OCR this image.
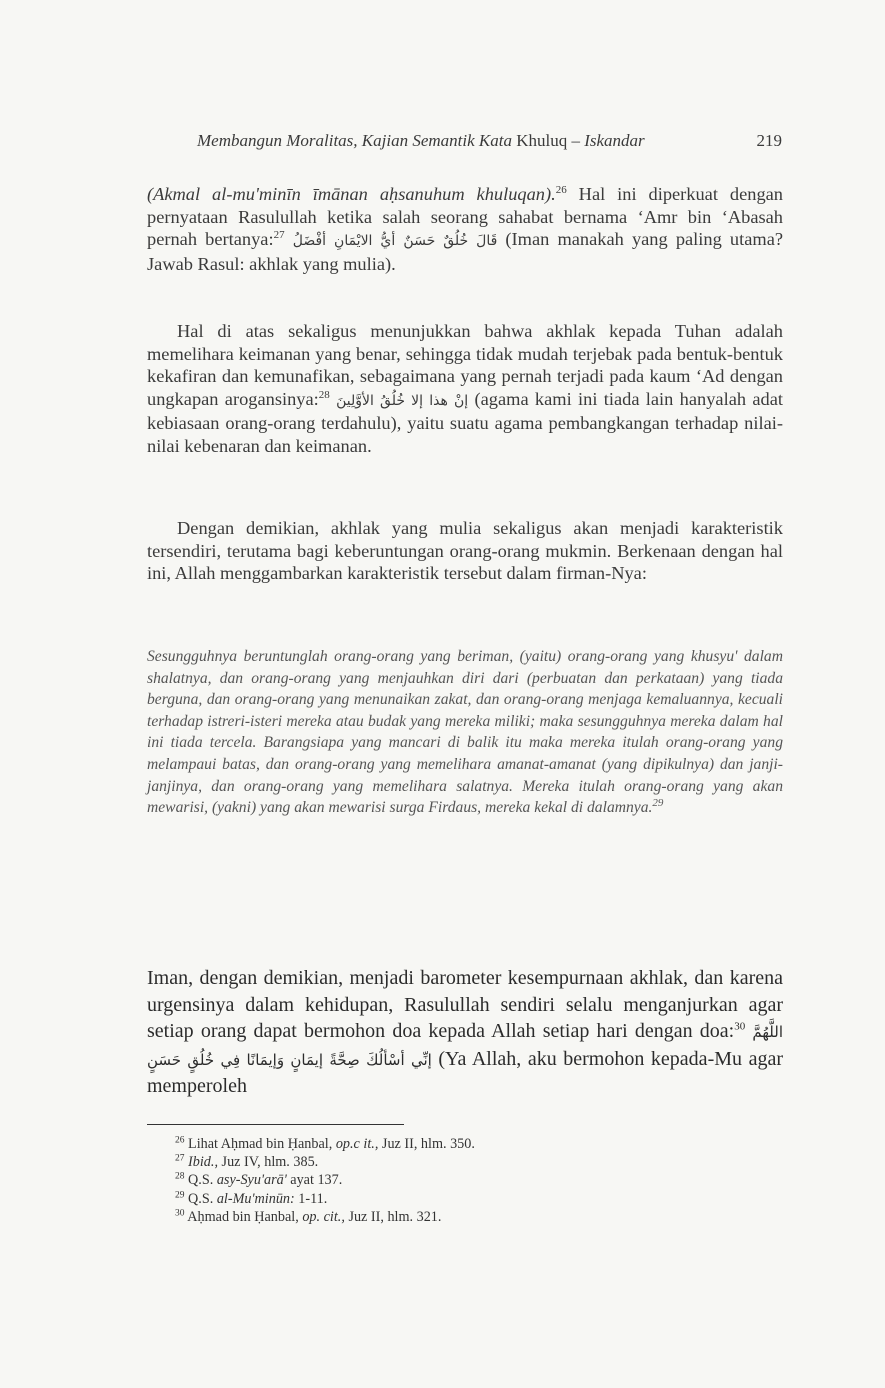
Membangun Moralitas, Kajian Semantik Kata Khuluq – Iskandar	219

(Akmal al-mu'minīn īmānan aḥsanuhum khuluqan).$^{26}$ Hal ini diperkuat dengan pernyataan Rasulullah ketika salah seorang sahabat bernama ‘Amr bin ‘Abasah pernah bertanya:$^{27}$ أيُّ الايْمَانِ أفْضَلُ قَالَ خُلُقٌ حَسَنٌ (Iman manakah yang paling utama? Jawab Rasul: akhlak yang mulia).

Hal di atas sekaligus menunjukkan bahwa akhlak kepada Tuhan adalah memelihara keimanan yang benar, sehingga tidak mudah terjebak pada bentuk-bentuk kekafiran dan kemunafikan, sebagaimana yang pernah terjadi pada kaum ‘Ad dengan ungkapan arogansinya:$^{28}$ إنْ هذا إلا خُلُقُ الأوَّلِينَ (agama kami ini tiada lain hanyalah adat kebiasaan orang-orang terdahulu), yaitu suatu agama pembangkangan terhadap nilai-nilai kebenaran dan keimanan.

Dengan demikian, akhlak yang mulia sekaligus akan menjadi karakteristik tersendiri, terutama bagi keberuntungan orang-orang mukmin. Berkenaan dengan hal ini, Allah menggambarkan karakteristik tersebut dalam firman-Nya:

Sesungguhnya beruntunglah orang-orang yang beriman, (yaitu) orang-orang yang khusyu' dalam shalatnya, dan orang-orang yang menjauhkan diri dari (perbuatan dan perkataan) yang tiada berguna, dan orang-orang yang menunaikan zakat, dan orang-orang menjaga kemaluannya, kecuali terhadap istreri-isteri mereka atau budak yang mereka miliki; maka sesungguhnya mereka dalam hal ini tiada tercela. Barangsiapa yang mancari di balik itu maka mereka itulah orang-orang yang melampaui batas, dan orang-orang yang memelihara amanat-amanat (yang dipikulnya) dan janji-janjinya, dan orang-orang yang memelihara salatnya. Mereka itulah orang-orang yang akan mewarisi, (yakni) yang akan mewarisi surga Firdaus, mereka kekal di dalamnya.$^{29}$

Iman, dengan demikian, menjadi barometer kesempurnaan akhlak, dan karena urgensinya dalam kehidupan, Rasulullah sendiri selalu menganjurkan agar setiap orang dapat bermohon doa kepada Allah setiap hari dengan doa:$^{30}$ اللَّهُمَّ إنِّي أسْألُكَ صِحَّةً إيمَانٍ وَإيمَانًا فِي خُلُقٍ حَسَنٍ (Ya Allah, aku bermohon kepada-Mu agar memperoleh

$^{26}$ Lihat Aḥmad bin Ḥanbal, op.c it., Juz II, hlm. 350.
$^{27}$ Ibid., Juz IV, hlm. 385.
$^{28}$ Q.S. asy-Syu'arā' ayat 137.
$^{29}$ Q.S. al-Mu'minūn: 1-11.
$^{30}$ Aḥmad bin Ḥanbal, op. cit., Juz II, hlm. 321.
